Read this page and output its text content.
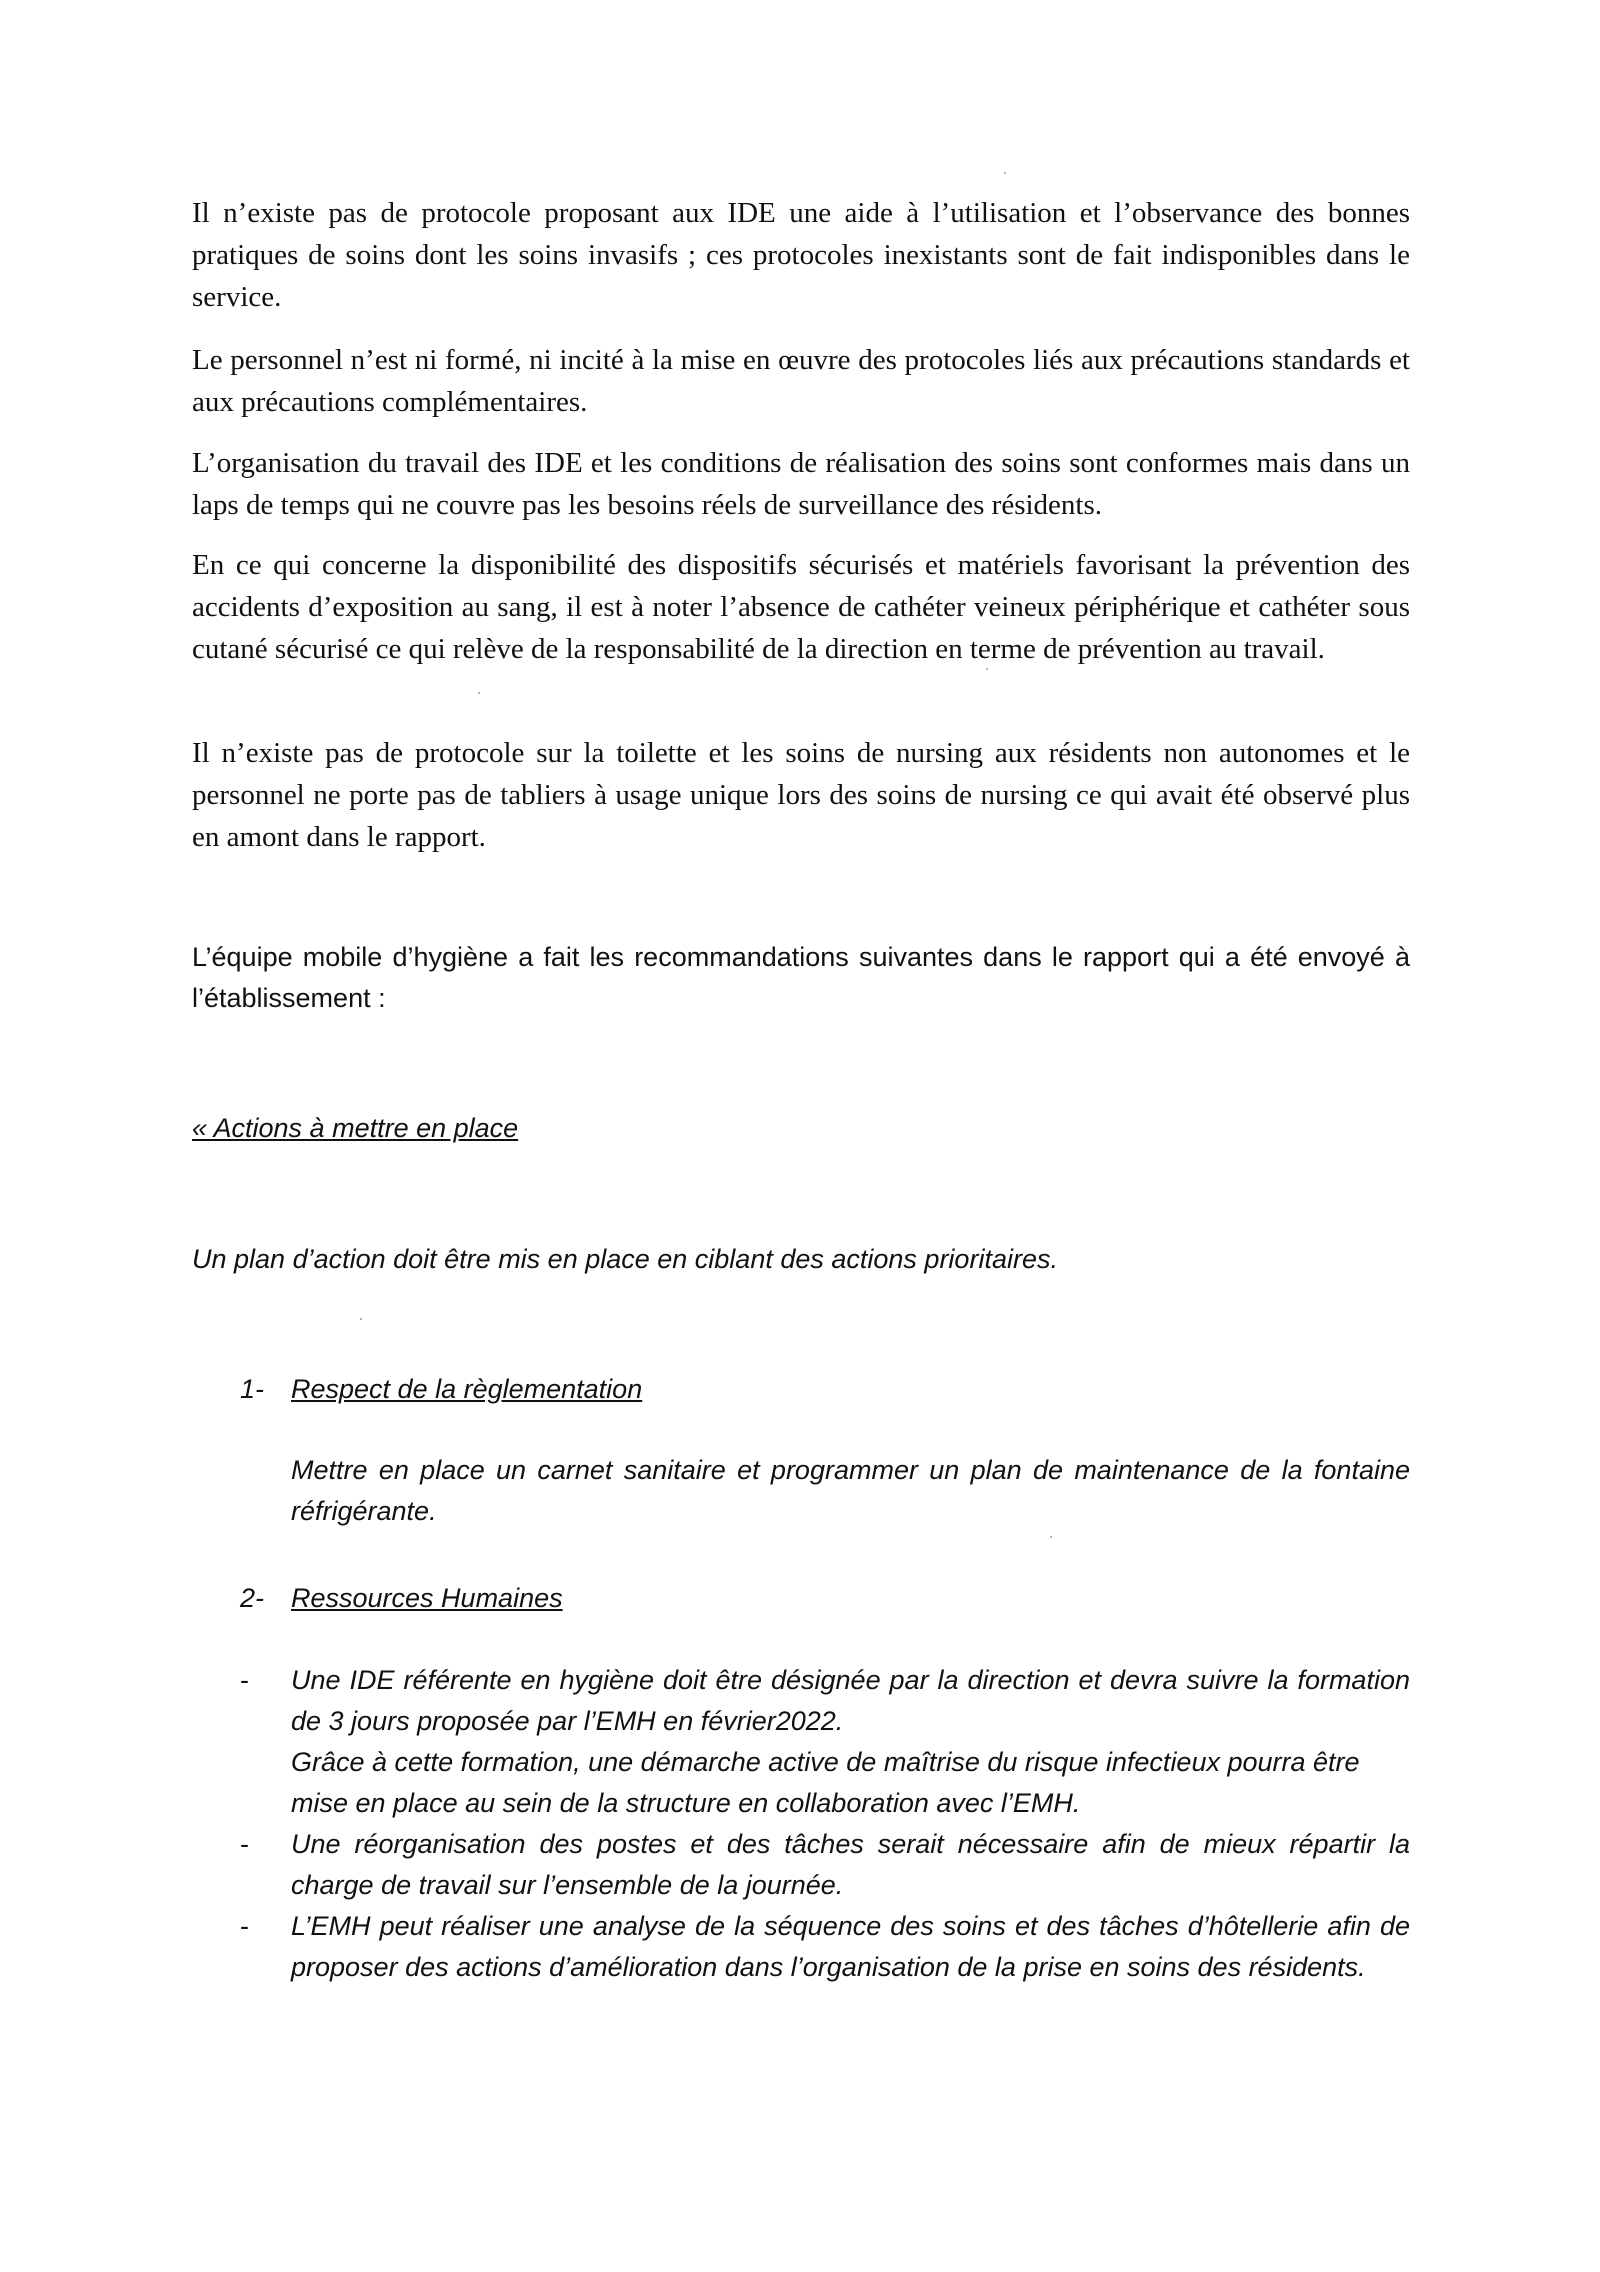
Il n’existe pas de protocole proposant aux IDE une aide à l’utilisation et l’observance des bonnes pratiques de soins dont les soins invasifs ; ces protocoles inexistants sont de fait indisponibles dans le service.

Le personnel n’est ni formé, ni incité à la mise en œuvre des protocoles liés aux précautions standards et aux précautions complémentaires.

L’organisation du travail des IDE et les conditions de réalisation des soins sont conformes mais dans un laps de temps qui ne couvre pas les besoins réels de surveillance des résidents.

En ce qui concerne la disponibilité des dispositifs sécurisés et matériels favorisant la prévention des accidents d’exposition au sang, il est à noter l’absence de cathéter veineux périphérique et cathéter sous cutané sécurisé ce qui relève de la responsabilité de la direction en terme de prévention au travail.

Il n’existe pas de protocole sur la toilette et les soins de nursing aux résidents non autonomes et le personnel ne porte pas de tabliers à usage unique lors des soins de nursing ce qui avait été observé plus en amont dans le rapport.

L’équipe mobile d’hygiène a fait les recommandations suivantes dans le rapport qui a été envoyé à l’établissement :

« Actions à mettre en place

Un plan d’action doit être mis en place en ciblant des actions prioritaires.

1- Respect de la règlementation

Mettre en place un carnet sanitaire et programmer un plan de maintenance de la fontaine réfrigérante.

2- Ressources Humaines
- Une IDE référente en hygiène doit être désignée par la direction et devra suivre la formation de 3 jours proposée par l’EMH en février2022.

Grâce à cette formation, une démarche active de maîtrise du risque infectieux pourra être mise en place au sein de la structure en collaboration avec l’EMH.

- Une réorganisation des postes et des tâches serait nécessaire afin de mieux répartir la charge de travail sur l’ensemble de la journée.

- L’EMH peut réaliser une analyse de la séquence des soins et des tâches d’hôtellerie afin de proposer des actions d’amélioration dans l’organisation de la prise en soins des résidents.
